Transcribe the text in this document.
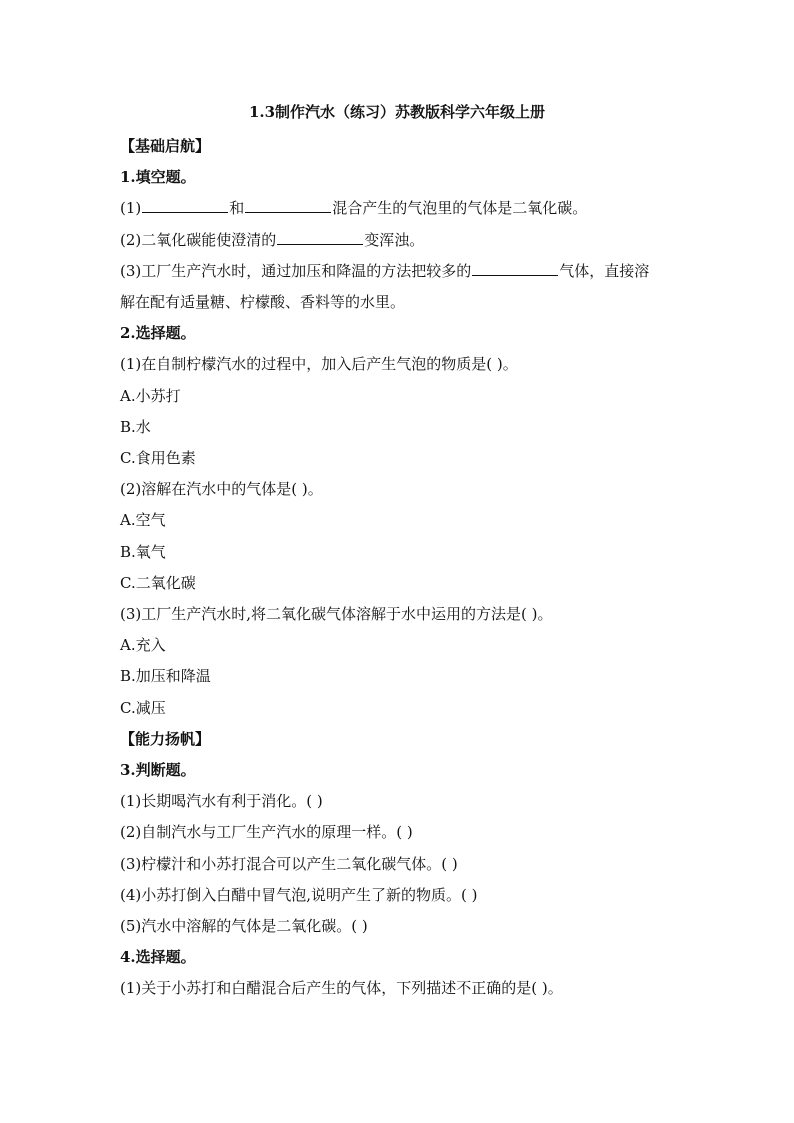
1.3制作汽水（练习）苏教版科学六年级上册
【基础启航】
1.填空题。
(1)	和	混合产生的气泡里的气体是二氧化碳。
(2)二氧化碳能使澄清的	变浑浊。
(3)工厂生产汽水时，通过加压和降温的方法把较多的	气体，直接溶
解在配有适量糖、柠檬酸、香料等的水里。
2.选择题。
(1)在自制柠檬汽水的过程中，加入后产生气泡的物质是( )。
A.小苏打
B.水
C.食用色素
(2)溶解在汽水中的气体是( )。
A.空气
B.氧气
C.二氧化碳
(3)工厂生产汽水时,将二氧化碳气体溶解于水中运用的方法是( )。
A.充入
B.加压和降温
C.减压
【能力扬帆】
3.判断题。
(1)长期喝汽水有利于消化。( )
(2)自制汽水与工厂生产汽水的原理一样。( )
(3)柠檬汁和小苏打混合可以产生二氧化碳气体。( )
(4)小苏打倒入白醋中冒气泡,说明产生了新的物质。( )
(5)汽水中溶解的气体是二氧化碳。( )
4.选择题。
(1)关于小苏打和白醋混合后产生的气体，下列描述不正确的是( )。
